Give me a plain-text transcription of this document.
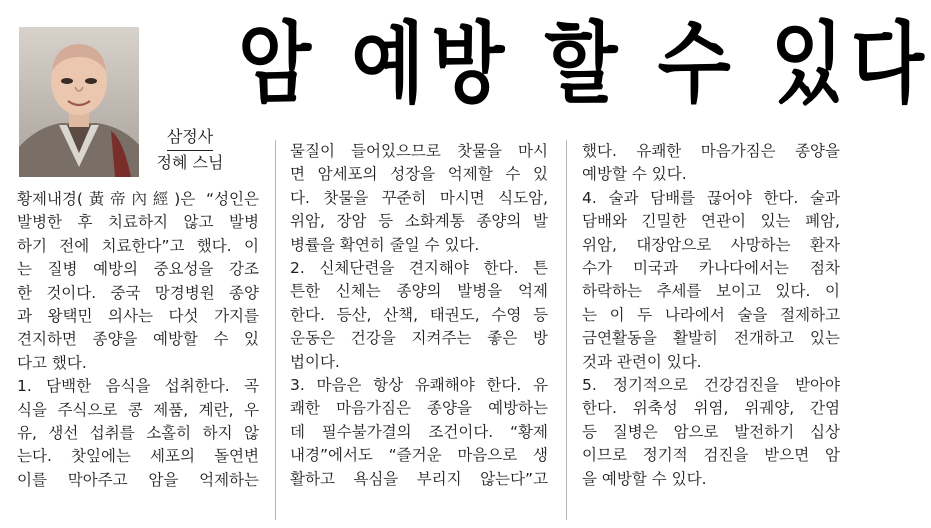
삼정사
정혜 스님
암 예방 할 수 있다

황제내경(黃帝內經)은 “성인은

발병한 후 치료하지 않고 발병

하기 전에 치료한다”고 했다. 이

는 질병 예방의 중요성을 강조

한 것이다. 중국 망경병원 종양

과 왕택민 의사는 다섯 가지를

견지하면 종양을 예방할 수 있

다고 했다.

1. 담백한 음식을 섭취한다. 곡

식을 주식으로 콩 제품, 계란, 우

유, 생선 섭취를 소홀히 하지 않

는다. 찻잎에는 세포의 돌연변

이를 막아주고 암을 억제하는

물질이 들어있으므로 찻물을 마시

면 암세포의 성장을 억제할 수 있

다. 찻물을 꾸준히 마시면 식도암,

위암, 장암 등 소화계통 종양의 발

병률을 확연히 줄일 수 있다.

2. 신체단련을 견지해야 한다. 튼

튼한 신체는 종양의 발병을 억제

한다. 등산, 산책, 태권도, 수영 등

운동은 건강을 지켜주는 좋은 방

법이다.

3. 마음은 항상 유쾌해야 한다. 유

쾌한 마음가짐은 종양을 예방하는

데 필수불가결의 조건이다. “황제

내경”에서도 “즐거운 마음으로 생

활하고 욕심을 부리지 않는다”고

했다. 유쾌한 마음가짐은 종양을

예방할 수 있다.

4. 술과 담배를 끊어야 한다. 술과

담배와 긴밀한 연관이 있는 폐암,

위암, 대장암으로 사망하는 환자

수가 미국과 카나다에서는 점차

하락하는 추세를 보이고 있다. 이

는 이 두 나라에서 술을 절제하고

금연활동을 활발히 전개하고 있는

것과 관련이 있다.

5. 정기적으로 건강검진을 받아야

한다. 위축성 위염, 위궤양, 간염

등 질병은 암으로 발전하기 십상

이므로 정기적 검진을 받으면 암

을 예방할 수 있다.
